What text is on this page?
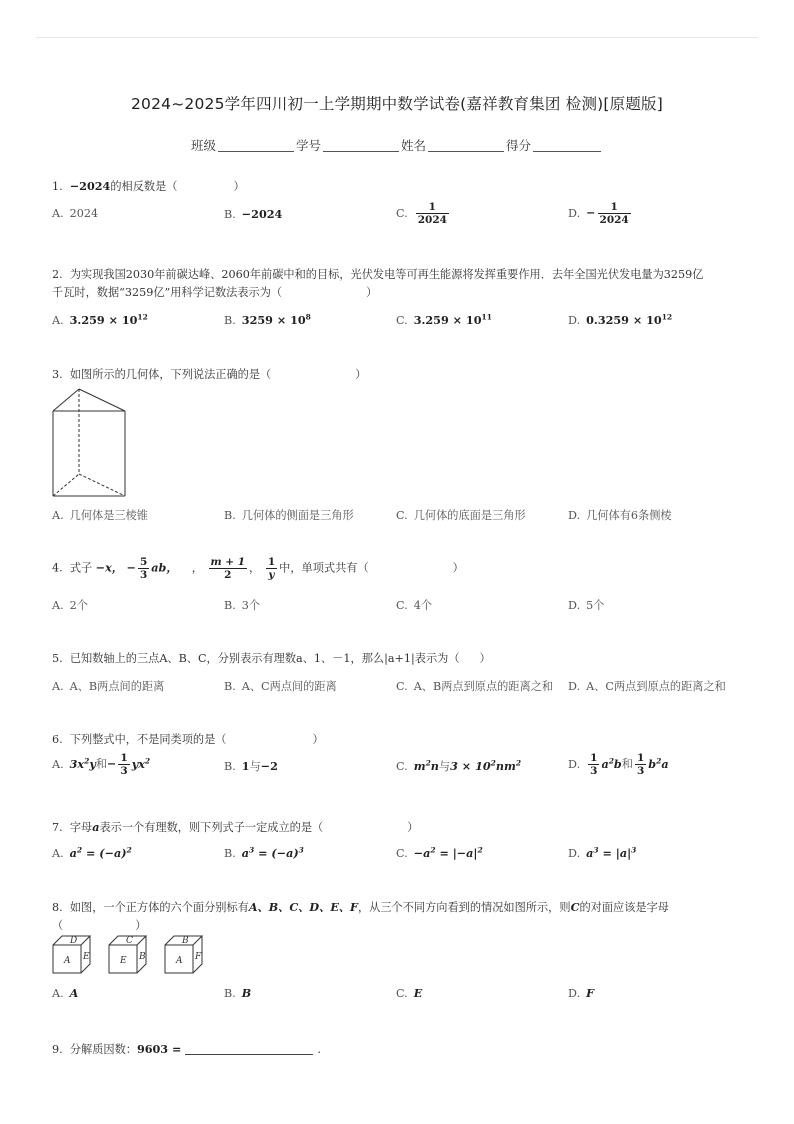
2024~2025学年四川初一上学期期中数学试卷(嘉祥教育集团 检测)[原题版]
班级	学号	姓名	得分
1. −2024的相反数是（	）
A. 2024	B. −2024	C. $\frac{1}{2024}$	D. − $\frac{1}{2024}$
2. 为实现我国2030年前碳达峰、2060年前碳中和的目标，光伏发电等可再生能源将发挥重要作用．去年全国光伏发电量为3259亿
千瓦时，数据“3259亿”用科学记数法表示为（	）
A. $3.259 \times 10^{12}$	B. $3259 \times 10^8$	C. $3.259 \times 10^{11}$	D. $0.3259 \times 10^{12}$
3. 如图所示的几何体，下列说法正确的是（	）
A. 几何体是三棱锥	B. 几何体的侧面是三角形	C. 几何体的底面是三角形	D. 几何体有6条侧棱
4. 式子 −x， − $\frac{5}{3}$ ab， ， $\frac{m + 1}{2}$ ， $\frac{1}{y}$ 中，单项式共有（	）
A. 2个	B. 3个	C. 4个	D. 5个
5. 已知数轴上的三点A、B、C，分别表示有理数a、1、－1，那么|a+1|表示为（ ）
A. A、B两点间的距离	B. A、C两点间的距离	C. A、B两点到原点的距离之和 D. A、C两点到原点的距离之和
6. 下列整式中，不是同类项的是（	）
A. $3x^2y$和− $\frac{1}{3} yx^2$	B. 1与−2	C. $m^2n$与$3 \times 10^2nm^2$	D. $\frac{1}{3} a^2b$和 $\frac{1}{3} b^2a$
7. 字母a表示一个有理数，则下列式子一定成立的是（	）
A. $a^2 = (-a)^2$	B. $a^3 = (-a)^3$	C. $-a^2 = |-a|^2$	D. $a^3 = |a|^3$
8. 如图，一个正方体的六个面分别标有A、B、C、D、E、F，从三个不同方向看到的情况如图所示，则C的对面应该是字母
（	）
D
A E
C
E B
B
A F
A. A	B. B	C. E	D. F
9. 分解质因数：9603 =	.
